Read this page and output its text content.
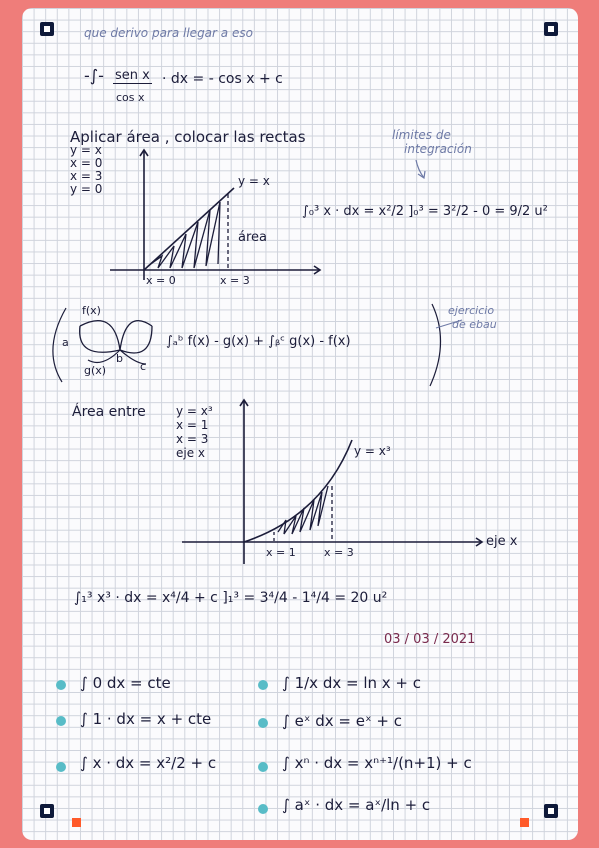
que derivo para llegar a eso
-∫- sen x
cos x
· dx = - cos x + c
Aplicar área , colocar las rectas
y = x
x = 0
x = 3
y = 0
límites de
integración
y = x
área
x = 0	x = 3
∫₀³ x · dx = x²/2 ]₀³ = 3²/2 - 0 = 9/2 u²
f(x)
a
b
c
g(x)
∫ₐᵇ f(x) - g(x) + ∫ᵦᶜ g(x) - f(x)
ejercicio
de ebau
Área entre	y = x³
x = 1
x = 3
eje x	y = x³
eje x
x = 1	x = 3
∫₁³ x³ · dx = x⁴/4 + c ]₁³ = 3⁴/4 - 1⁴/4 = 20 u²
03 / 03 / 2021
∫ 0 dx = cte
∫ 1 · dx = x + cte
∫ x · dx = x²/2 + c
∫ 1/x dx = ln x + c
∫ eˣ dx = eˣ + c
∫ xⁿ · dx = xⁿ⁺¹/(n+1) + c
∫ aˣ · dx = aˣ/ln + c
